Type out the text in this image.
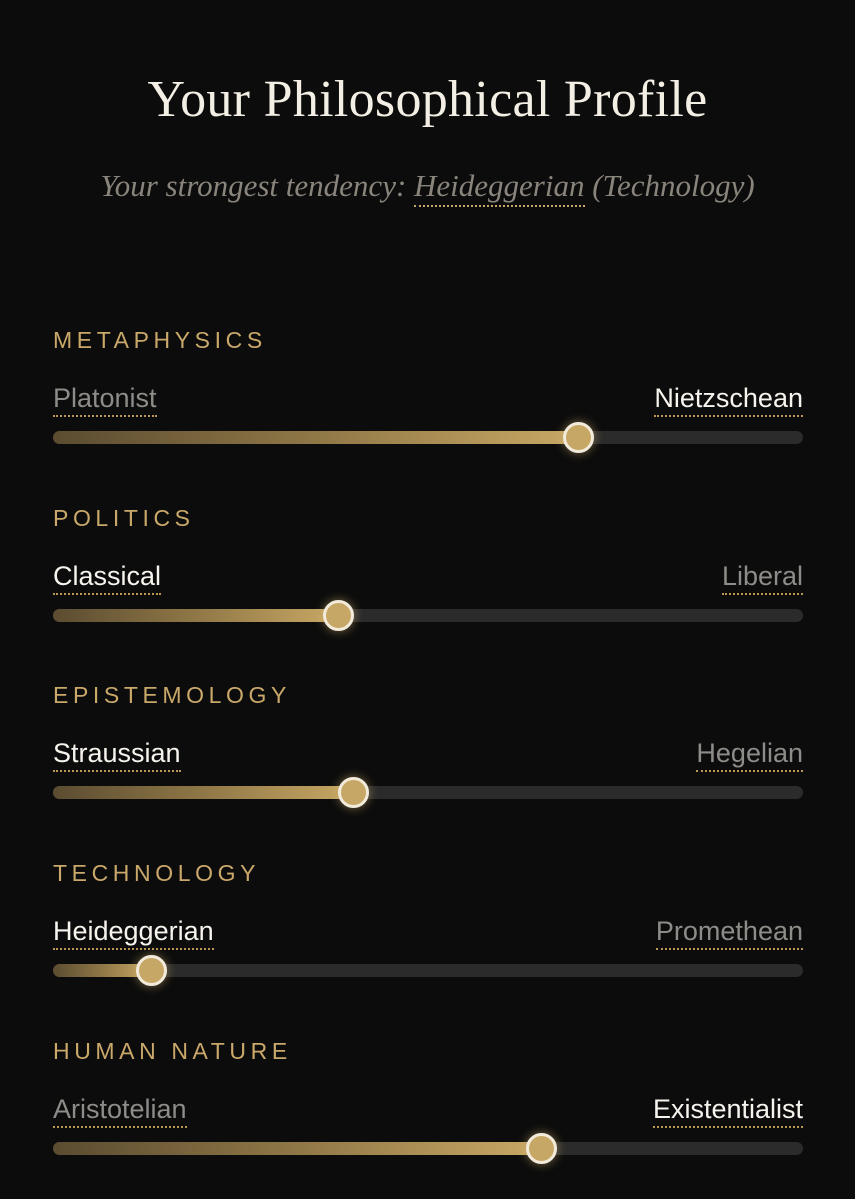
Your Philosophical Profile
Your strongest tendency: Heideggerian (Technology)
METAPHYSICS
Platonist	Nietzschean
POLITICS
Classical	Liberal
EPISTEMOLOGY
Straussian	Hegelian
TECHNOLOGY
Heideggerian	Promethean
HUMAN NATURE
Aristotelian	Existentialist
